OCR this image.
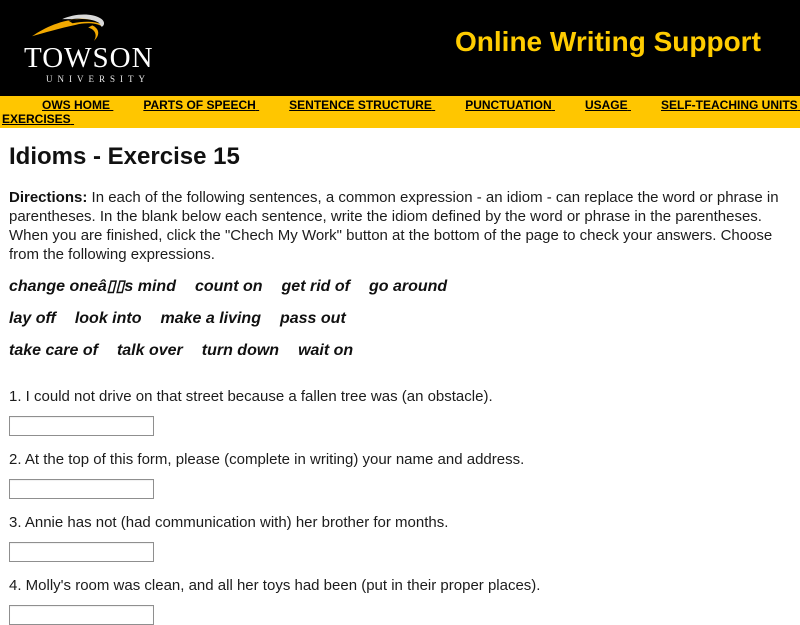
TOWSON
UNIVERSITY
Online Writing Support
OWS HOME	PARTS OF SPEECH	SENTENCE STRUCTURE	PUNCTUATION	USAGE	SELF-TEACHING UNITS
EXERCISES
Idioms - Exercise 15

Directions: In each of the following sentences, a common expression - an idiom - can replace the word or phrase in parentheses. In the blank below each sentence, write the idiom defined by the word or phrase in the parentheses. When you are finished, click the "Chech My Work" button at the bottom of the page to check your answers. Choose from the following expressions.

change oneâ▯▯s mind count on get rid of go around
lay off look into make a living pass out
take care of talk over turn down wait on

1. I could not drive on that street because a fallen tree was (an obstacle).

2. At the top of this form, please (complete in writing) your name and address.

3. Annie has not (had communication with) her brother for months.

4. Molly's room was clean, and all her toys had been (put in their proper places).
